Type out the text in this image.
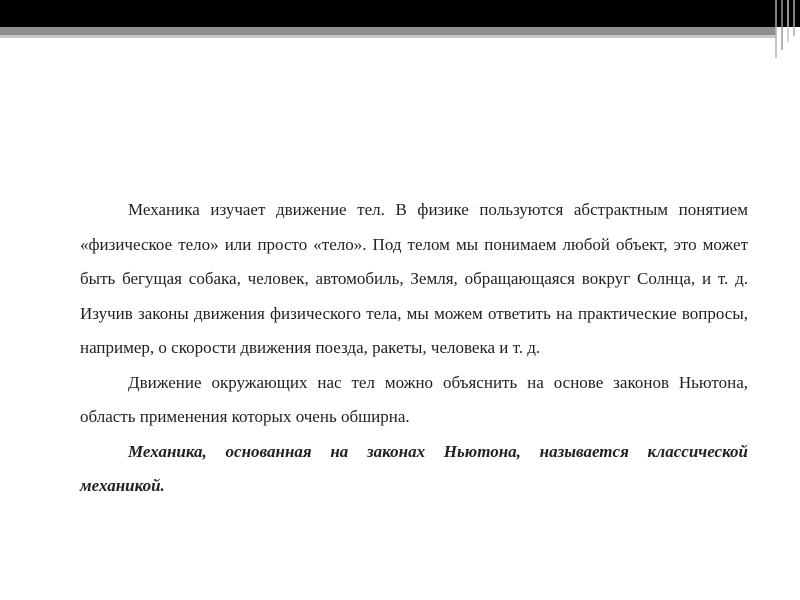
Механика изучает движение тел. В физике пользуются абстрактным понятием «физическое тело» или просто «тело». Под телом мы понимаем любой объект, это может быть бегущая собака, человек, автомобиль, Земля, обращающаяся вокруг Солнца, и т. д. Изучив законы движения физического тела, мы можем ответить на практические вопросы, например, о скорости движения поезда, ракеты, человека и т. д.

Движение окружающих нас тел можно объяснить на основе законов Ньютона, область применения которых очень обширна.

Механика, основанная на законах Ньютона, называется классической механикой.
